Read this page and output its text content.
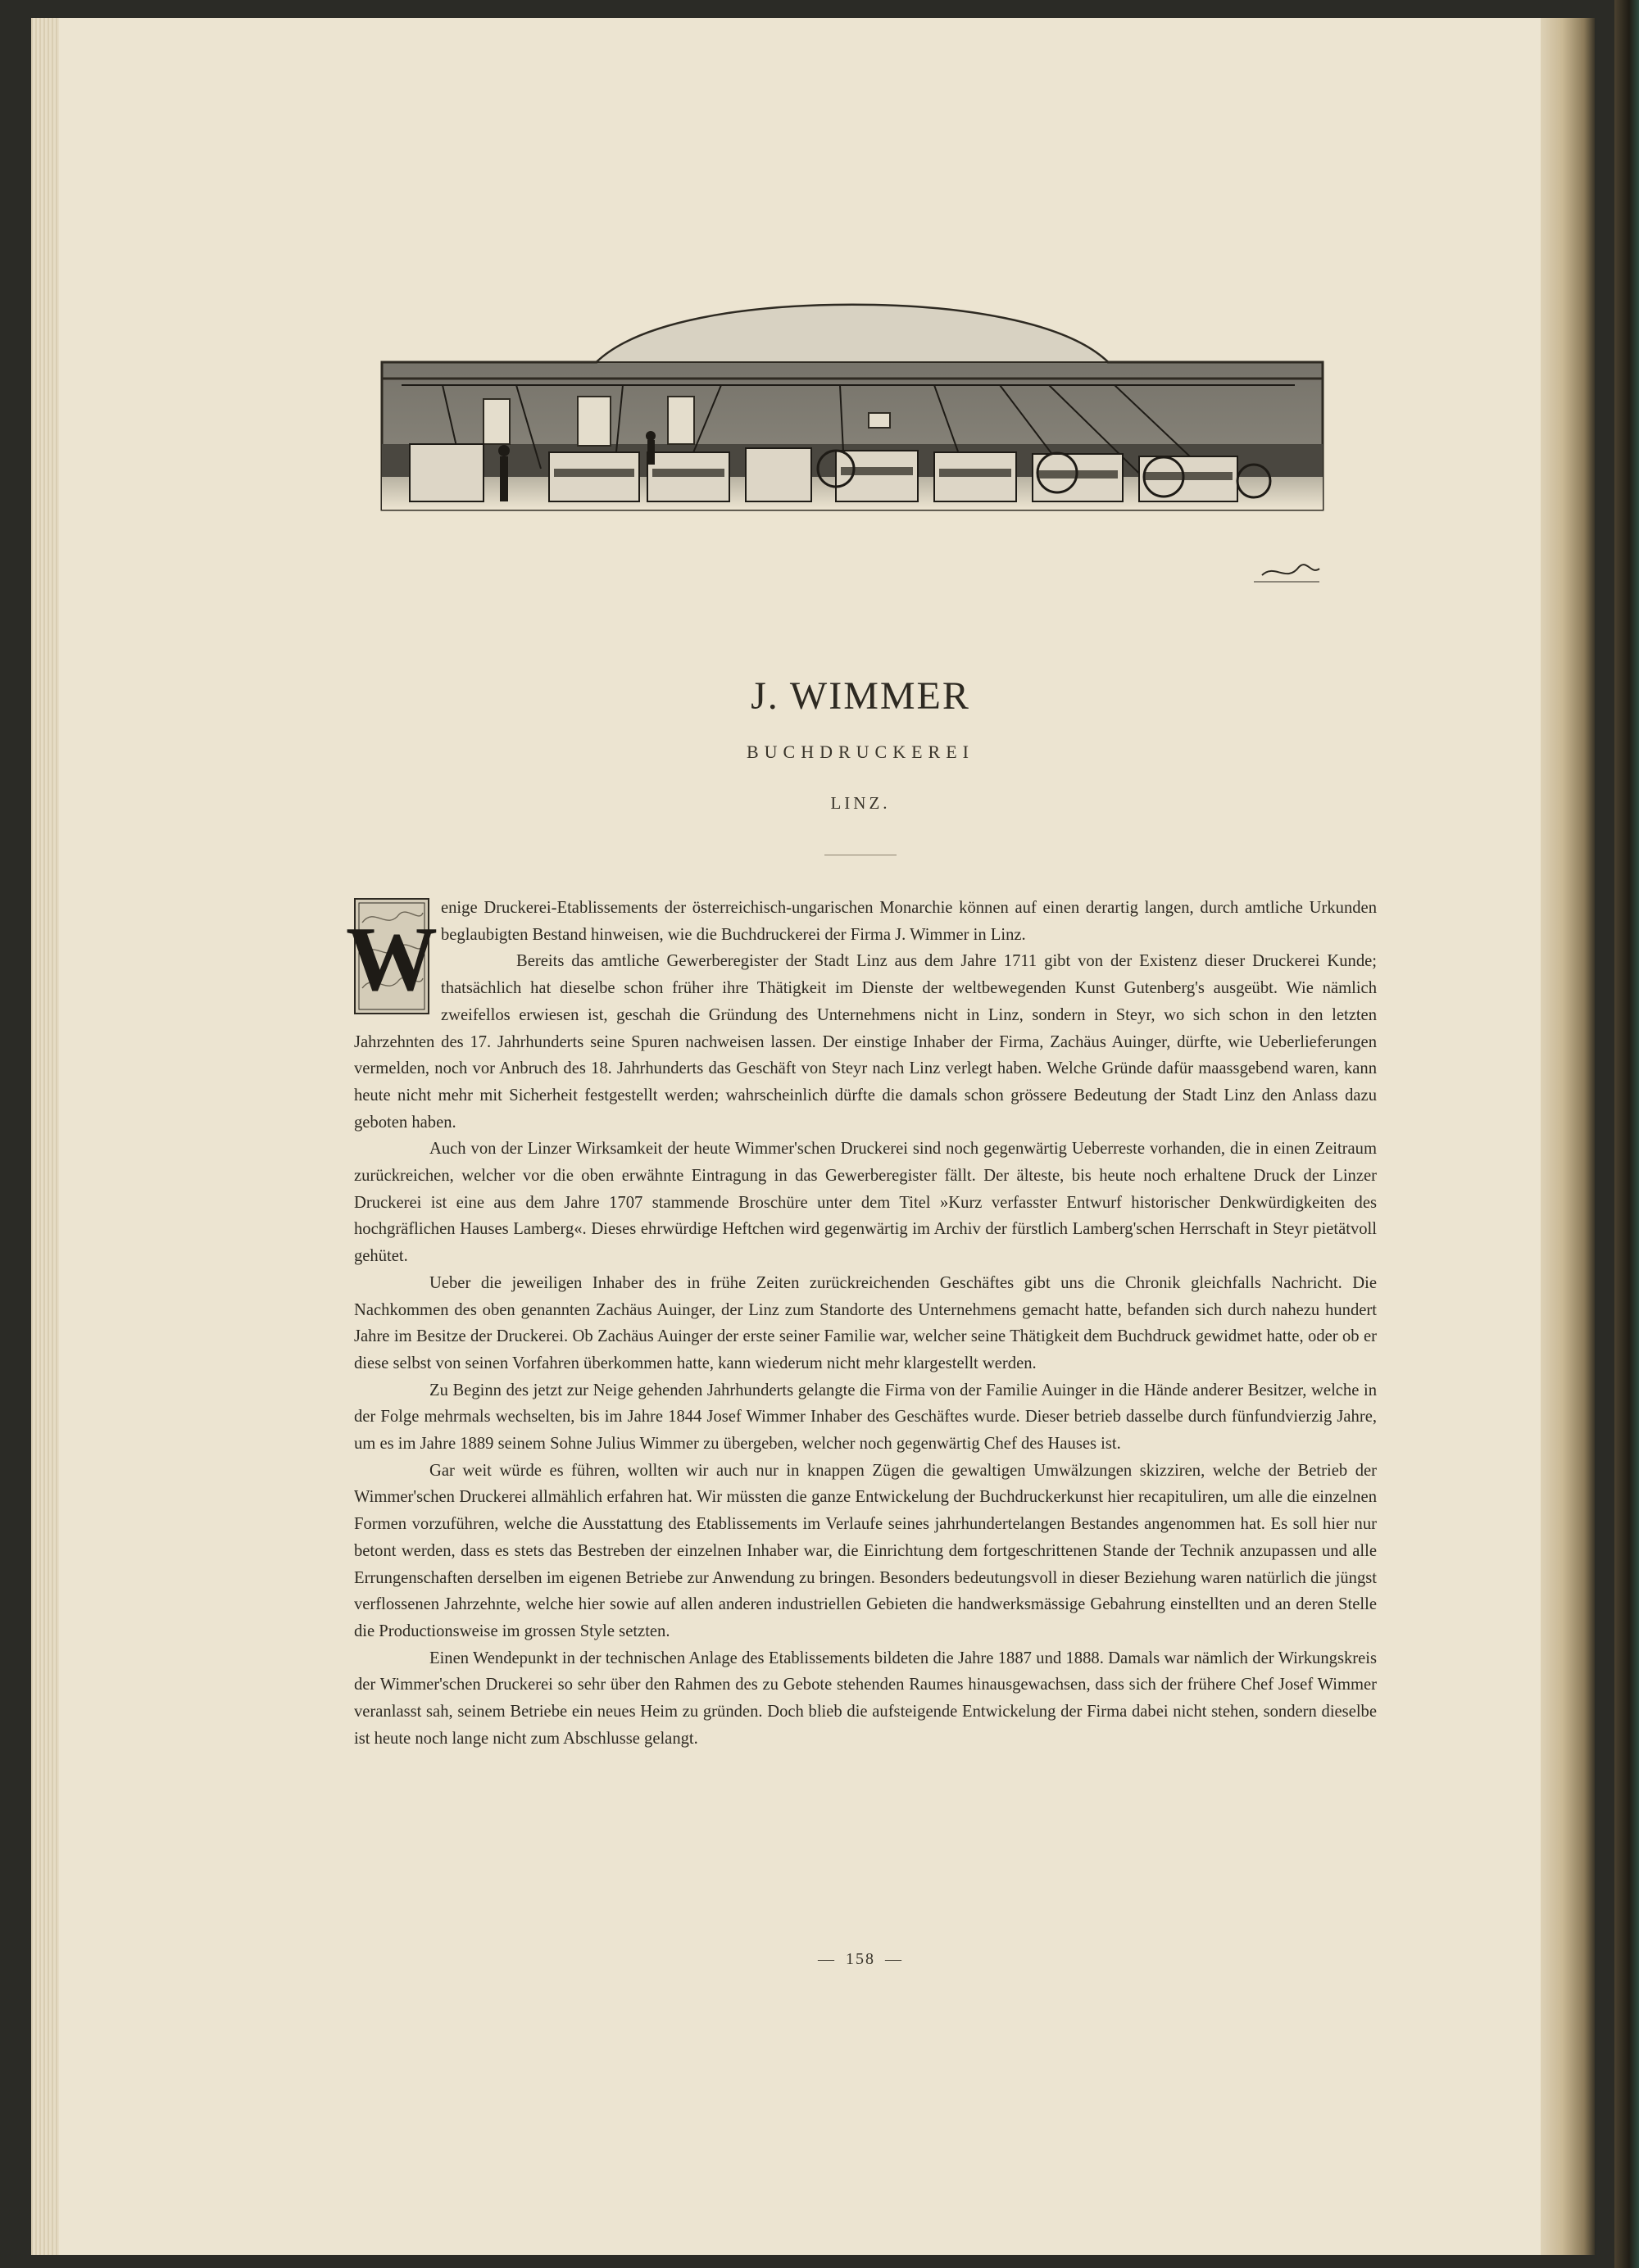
J. WIMMER
BUCHDRUCKEREI
LINZ.
W

enige Druckerei-Etablissements der österreichisch-ungarischen Monarchie können auf einen derartig langen, durch amtliche Urkunden beglaubigten Bestand hinweisen, wie die Buchdruckerei der Firma J. Wimmer in Linz.

Bereits das amtliche Gewerberegister der Stadt Linz aus dem Jahre 1711 gibt von der Existenz dieser Druckerei Kunde; thatsächlich hat dieselbe schon früher ihre Thätigkeit im Dienste der weltbewegenden Kunst Gutenberg's ausgeübt. Wie nämlich zweifellos erwiesen ist, geschah die Gründung des Unternehmens nicht in Linz, sondern in Steyr, wo sich schon in den letzten Jahrzehnten des 17. Jahrhunderts seine Spuren nachweisen lassen. Der einstige Inhaber der Firma, Zachäus Auinger, dürfte, wie Ueberlieferungen vermelden, noch vor Anbruch des 18. Jahrhunderts das Geschäft von Steyr nach Linz verlegt haben. Welche Gründe dafür maassgebend waren, kann heute nicht mehr mit Sicherheit festgestellt werden; wahrscheinlich dürfte die damals schon grössere Bedeutung der Stadt Linz den Anlass dazu geboten haben.

Auch von der Linzer Wirksamkeit der heute Wimmer'schen Druckerei sind noch gegenwärtig Ueberreste vorhanden, die in einen Zeitraum zurückreichen, welcher vor die oben erwähnte Eintragung in das Gewerberegister fällt. Der älteste, bis heute noch erhaltene Druck der Linzer Druckerei ist eine aus dem Jahre 1707 stammende Broschüre unter dem Titel »Kurz verfasster Entwurf historischer Denkwürdigkeiten des hochgräflichen Hauses Lamberg«. Dieses ehrwürdige Heftchen wird gegenwärtig im Archiv der fürstlich Lamberg'schen Herrschaft in Steyr pietätvoll gehütet.

Ueber die jeweiligen Inhaber des in frühe Zeiten zurückreichenden Geschäftes gibt uns die Chronik gleichfalls Nachricht. Die Nachkommen des oben genannten Zachäus Auinger, der Linz zum Standorte des Unternehmens gemacht hatte, befanden sich durch nahezu hundert Jahre im Besitze der Druckerei. Ob Zachäus Auinger der erste seiner Familie war, welcher seine Thätigkeit dem Buchdruck gewidmet hatte, oder ob er diese selbst von seinen Vorfahren überkommen hatte, kann wiederum nicht mehr klargestellt werden.

Zu Beginn des jetzt zur Neige gehenden Jahrhunderts gelangte die Firma von der Familie Auinger in die Hände anderer Besitzer, welche in der Folge mehrmals wechselten, bis im Jahre 1844 Josef Wimmer Inhaber des Geschäftes wurde. Dieser betrieb dasselbe durch fünfundvierzig Jahre, um es im Jahre 1889 seinem Sohne Julius Wimmer zu übergeben, welcher noch gegenwärtig Chef des Hauses ist.

Gar weit würde es führen, wollten wir auch nur in knappen Zügen die gewaltigen Umwälzungen skizziren, welche der Betrieb der Wimmer'schen Druckerei allmählich erfahren hat. Wir müssten die ganze Entwickelung der Buchdruckerkunst hier recapituliren, um alle die einzelnen Formen vorzuführen, welche die Ausstattung des Etablissements im Verlaufe seines jahrhundertelangen Bestandes angenommen hat. Es soll hier nur betont werden, dass es stets das Bestreben der einzelnen Inhaber war, die Einrichtung dem fortgeschrittenen Stande der Technik anzupassen und alle Errungenschaften derselben im eigenen Betriebe zur Anwendung zu bringen. Besonders bedeutungsvoll in dieser Beziehung waren natürlich die jüngst verflossenen Jahrzehnte, welche hier sowie auf allen anderen industriellen Gebieten die handwerksmässige Gebahrung einstellten und an deren Stelle die Productionsweise im grossen Style setzten.

Einen Wendepunkt in der technischen Anlage des Etablissements bildeten die Jahre 1887 und 1888. Damals war nämlich der Wirkungskreis der Wimmer'schen Druckerei so sehr über den Rahmen des zu Gebote stehenden Raumes hinausgewachsen, dass sich der frühere Chef Josef Wimmer veranlasst sah, seinem Betriebe ein neues Heim zu gründen. Doch blieb die aufsteigende Entwickelung der Firma dabei nicht stehen, sondern dieselbe ist heute noch lange nicht zum Abschlusse gelangt.

— 158 —
